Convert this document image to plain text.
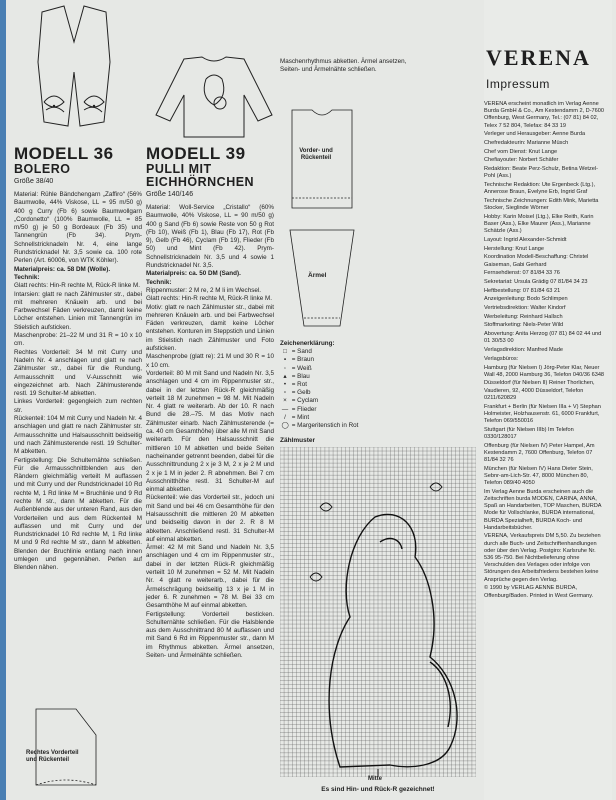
MODELL 36
BOLERO
Größe 38/40
Material: Rühle Bändchengarn „Zaffiro“ (56% Baumwolle, 44% Viskose, LL = 95 m/50 g) 400 g Curry (Fb 6) sowie Baumwollgarn „Cordonetto“ (100% Baumwolle, LL = 85 m/50 g) je 50 g Bordeaux (Fb 35) und Tannengrün (Fb 34). Prym-Schnellstricknadeln Nr. 4, eine lange Rundstricknadel Nr. 3,5 sowie ca. 100 rote Perlen (Art. 60006, von WTK Köhler).
Materialpreis: ca. 58 DM (Wolle).
Technik:
Glatt rechts: Hin-R rechte M, Rück-R linke M.
Intarsien: glatt re nach Zählmuster str., dabei mit mehreren Knäueln arb. und bei Farbwechsel Fäden verkreuzen, damit keine Löcher entstehen. Linien mit Tannengrün im Stielstich aufsticken.
Maschenprobe: 21–22 M und 31 R = 10 x 10 cm.
Rechtes Vorderteil: 34 M mit Curry und Nadeln Nr. 4 anschlagen und glatt re nach Zählmuster str., dabei für die Rundung, Armausschnitt und V-Ausschnitt wie eingezeichnet arb. Nach Zählmusterende restl. 19 Schulter-M abketten.
Linkes Vorderteil: gegengleich zum rechten str.
Rückenteil: 104 M mit Curry und Nadeln Nr. 4 anschlagen und glatt re nach Zählmuster str. Armausschnitte und Halsausschnitt beidseitig und nach Zählmusterende restl. 19 Schulter-M abketten.
Fertigstellung: Die Schulternähte schließen. Für die Armausschnittblenden aus den Rändern gleichmäßig verteilt M auffassen und mit Curry und der Rundstricknadel 10 Rd rechte M, 1 Rd linke M = Bruchlinie und 9 Rd rechte M str., dann M abketten. Für die Außenblende aus der unteren Rand, aus den Vorderteilen und aus dem Rückenteil M auffassen und mit Curry und der Rundstricknadel 10 Rd rechte M, 1 Rd linke M und 9 Rd rechte M str., dann M abketten. Blenden der Bruchlinie entlang nach innen umlegen und gegennähen. Perlen auf Blenden nähen.
Rechtes Vorderteil und Rückenteil
MODELL 39
PULLI MIT
EICHHÖRNCHEN
Größe 140/146
Material: Woll-Service „Cristallo“ (60% Baumwolle, 40% Viskose, LL = 90 m/50 g) 400 g Sand (Fb 6) sowie Reste von 50 g Rot (Fb 10), Weiß (Fb 1), Blau (Fb 17), Rot (Fb 9), Gelb (Fb 46), Cyclam (Fb 19), Flieder (Fb 50) und Mint (Fb 42). Prym-Schnellstricknadeln Nr. 3,5 und 4 sowie 1 Rundstricknadel Nr. 3,5.
Materialpreis: ca. 50 DM (Sand).
Technik:
Rippenmuster: 2 M re, 2 M li im Wechsel.
Glatt rechts: Hin-R rechte M, Rück-R linke M.
Motiv: glatt re nach Zählmuster str., dabei mit mehreren Knäueln arb. und bei Farbwechsel Fäden verkreuzen, damit keine Löcher entstehen. Konturen im Steppstich und Linien im Stielstich nach Zählmuster und Foto aufsticken.
Maschenprobe (glatt re): 21 M und 30 R = 10 x 10 cm.
Vorderteil: 80 M mit Sand und Nadeln Nr. 3,5 anschlagen und 4 cm im Rippenmuster str., dabei in der letzten Rück-R gleichmäßig verteilt 18 M zunehmen = 98 M. Mit Nadeln Nr. 4 glatt re weiterarb. Ab der 10. R nach Bund die 28.–75. M das Motiv nach Zählmuster einarb. Nach Zählmusterende (= ca. 40 cm Gesamthöhe) über alle M mit Sand weiterarb. Für den Halsausschnitt die mittleren 10 M abketten und beide Seiten nacheinander getrennt beenden, dabei für die Ausschnittrundung 2 x je 3 M, 2 x je 2 M und 2 x je 1 M in jeder 2. R abnehmen. Bei 7 cm Ausschnitthöhe restl. 31 Schulter-M auf einmal abketten.
Rückenteil: wie das Vorderteil str., jedoch uni mit Sand und bei 46 cm Gesamthöhe für den Halsausschnitt die mittleren 20 M abketten und beidseitig davon in der 2. R 8 M abketten. Anschließend restl. 31 Schulter-M auf einmal abketten.
Ärmel: 42 M mit Sand und Nadeln Nr. 3,5 anschlagen und 4 cm im Rippenmuster str., dabei in der letzten Rück-R gleichmäßig verteilt 10 M zunehmen = 52 M. Mit Nadeln Nr. 4 glatt re weiterarb., dabei für die Ärmelschrägung beidseitig 13 x je 1 M in jeder 6. R zunehmen = 78 M. Bei 33 cm Gesamthöhe M auf einmal abketten.
Fertigstellung: Vorderteil besticken. Schulternähte schließen. Für die Halsblende aus dem Ausschnittrand 80 M auffassen und mit Sand 6 Rd im Rippenmuster str., dann M im Rhythmus abketten. Ärmel ansetzen, Seiten- und Ärmelnähte schließen.
Maschenrhythmus abketten. Ärmel ansetzen, Seiten- und Ärmelnähte schließen.
Vorder- und Rückenteil
Ärmel
Zeichenerklärung:
□ = Sand
▪ = Braun
◦ = Weiß
▴ = Blau
• = Rot
▫ = Gelb
× = Cyclam
— = Flieder
/ = Mint
◯ = Margeritenstich in Rot
Zählmuster
Mitte
Es sind Hin- und Rück-R gezeichnet!
VERENA
Impressum
VERENA erscheint monatlich im Verlag Aenne Burda GmbH & Co., Am Kestendamm 2, D-7600 Offenburg, West Germany, Tel.: (07 81) 84 02, Telex 7 52 804, Telefax: 84 33 19
Verleger und Herausgeber: Aenne Burda
Chefredakteurin: Marianne Müsch
Chef vom Dienst: Knut Lange
Chefiayouter: Norbert Schäfer
Redaktion: Beate Perz-Schulz, Betina Wetzel-Pohl (Ass.)
Technische Redaktion: Ute Ergenbeck (Ltg.), Annerose Braun, Evelyne Erb, Ingrid Graf
Technische Zeichnungen: Edith Mink, Marietta Stocker, Sieglinde Wörner
Hobby: Karin Moisel (Ltg.), Elke Reith, Karin Baser (Ass.), Elke Maurer (Ass.), Marianne Schätzle (Ass.)
Layout: Ingrid Alexander-Schmidt
Herstellung: Knut Lange
Koordination Modell-Beschaffung: Christel Gaiseman, Gabi Gerhard
Fernsehdienst: 07 81/84 33 76
Sekretariat: Ursula Grädig 07 81/84 34 23
Heftbestellung: 07 81/84 63 21
Anzeigenleitung: Bodo Schlimpen
Vertriebsdirektion: Walter Kindorf
Werbeleitung: Reinhard Hallsch
Stoffmarketing: Niels-Peter Wild
Abovertung: Anita Herzog (07 81) 84 02 44 und 01 30/53 00
Verlagsdirektion: Manfred Made
Verlagsbüros:
Hamburg (für Nielsen I) Jörg-Peter Klar, Neuer Wall 48, 2000 Hamburg 36, Telefon 040/36 6348
Düsseldorf (für Nielsen II) Reiner Thorlichen, Vaudieren, 92, 4000 Düsseldorf, Telefon 0211/620829
Frankfurt + Berlin (für Nielsen IIIa + V) Stephan Holmeister, Holzhausenstr. 61, 6000 Frankfurt, Telefon 069/550016
Stuttgart (für Nielsen IIIb) Im Telefon 0330/128017
Offenburg (für Nielsen IV) Peter Hampel, Am Kestendamm 2, 7600 Offenburg, Telefon 07 81/84 32 76
München (für Nielsen IV) Hans Dieter Stein, Sebnr-am-Lich-Str. 47, 8000 München 80, Telefon 089/40 4050
Im Verlag Aenne Burda erscheinen auch die Zeitschriften burda MODEN, CARINA, ANNA, Spaß an Handarbeiten, TOP Maschen, BURDA Mode für Vollschlanke, BURDA international, BURDA Spezialheft, BURDA Koch- und Handarbeitsbücher.
VERENA, Verkaufspreis DM 5,50. Zu beziehen durch alle Buch- und Zeitschriftenhandlungen oder über den Verlag. Postgiro: Karlsruhe Nr. 536 95-750. Bei Nichtbelieferung ohne Verschulden des Verlages oder infolge von Störungen des Arbeitsfriedens bestehen keine Ansprüche gegen den Verlag.
© 1990 by VERLAG AENNE BURDA, Offenburg/Baden. Printed in West Germany.
